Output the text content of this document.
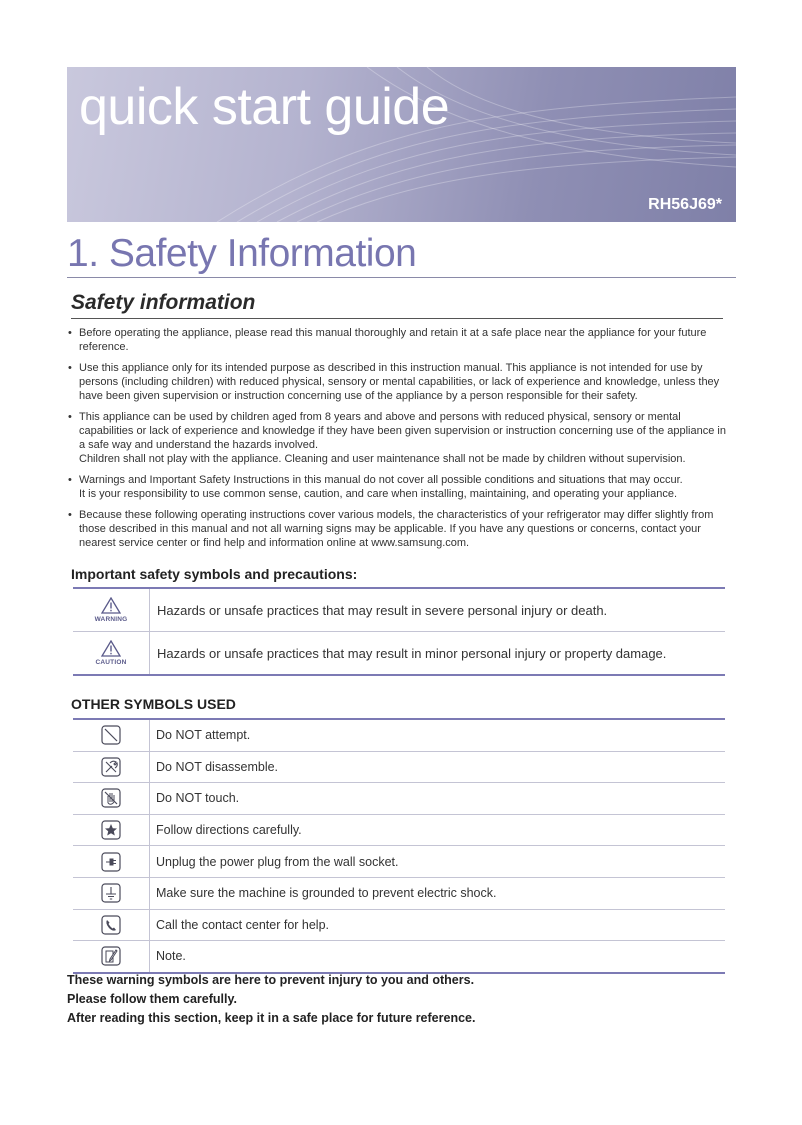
quick start guide
RH56J69*
1. Safety Information
Safety information
• Before operating the appliance, please read this manual thoroughly and retain it at a safe place near the appliance for your future reference.
• Use this appliance only for its intended purpose as described in this instruction manual. This appliance is not intended for use by persons (including children) with reduced physical, sensory or mental capabilities, or lack of experience and knowledge, unless they have been given supervision or instruction concerning use of the appliance by a person responsible for their safety.
• This appliance can be used by children aged from 8 years and above and persons with reduced physical, sensory or mental capabilities or lack of experience and knowledge if they have been given supervision or instruction concerning use of the appliance in a safe way and understand the hazards involved.
Children shall not play with the appliance. Cleaning and user maintenance shall not be made by children without supervision.
• Warnings and Important Safety Instructions in this manual do not cover all possible conditions and situations that may occur.
It is your responsibility to use common sense, caution, and care when installing, maintaining, and operating your appliance.
• Because these following operating instructions cover various models, the characteristics of your refrigerator may differ slightly from those described in this manual and not all warning signs may be applicable. If you have any questions or concerns, contact your nearest service center or find help and information online at www.samsung.com.
Important safety symbols and precautions:
WARNING	Hazards or unsafe practices that may result in severe personal injury or death.

CAUTION	Hazards or unsafe practices that may result in minor personal injury or property damage.
OTHER SYMBOLS USED
	Do NOT attempt.
	Do NOT disassemble.
	Do NOT touch.
	Follow directions carefully.
	Unplug the power plug from the wall socket.
	Make sure the machine is grounded to prevent electric shock.
	Call the contact center for help.
	Note.
These warning symbols are here to prevent injury to you and others.
Please follow them carefully.
After reading this section, keep it in a safe place for future reference.
